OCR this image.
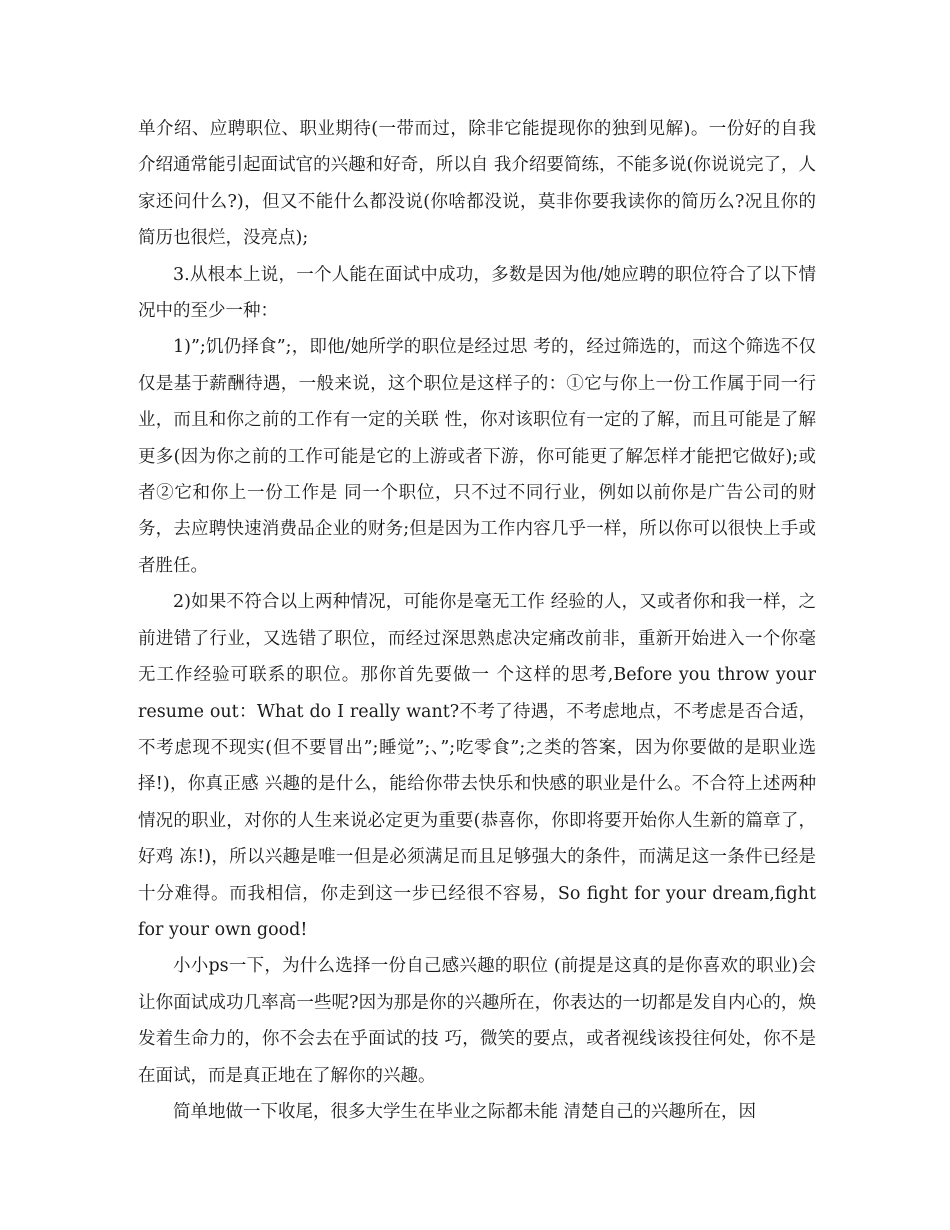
单介绍、应聘职位、职业期待(一带而过，除非它能提现你的独到见解)。一份好的自我介绍通常能引起面试官的兴趣和好奇，所以自 我介绍要简练，不能多说(你说说完了，人家还问什么?)，但又不能什么都没说(你啥都没说，莫非你要我读你的简历么?况且你的简历也很烂，没亮点);

3.从根本上说，一个人能在面试中成功，多数是因为他/她应聘的职位符合了以下情况中的至少一种：

1)”;饥仍择食”;，即他/她所学的职位是经过思 考的，经过筛选的，而这个筛选不仅仅是基于薪酬待遇，一般来说，这个职位是这样子的：①它与你上一份工作属于同一行业，而且和你之前的工作有一定的关联 性，你对该职位有一定的了解，而且可能是了解更多(因为你之前的工作可能是它的上游或者下游，你可能更了解怎样才能把它做好);或者②它和你上一份工作是 同一个职位，只不过不同行业，例如以前你是广告公司的财务，去应聘快速消费品企业的财务;但是因为工作内容几乎一样，所以你可以很快上手或者胜任。

2)如果不符合以上两种情况，可能你是毫无工作 经验的人，又或者你和我一样，之前进错了行业，又选错了职位，而经过深思熟虑决定痛改前非，重新开始进入一个你毫无工作经验可联系的职位。那你首先要做一 个这样的思考,Before you throw your resume out：What do I really want?不考了待遇，不考虑地点，不考虑是否合适，不考虑现不现实(但不要冒出”;睡觉”;、”;吃零食”;之类的答案，因为你要做的是职业选择!)，你真正感 兴趣的是什么，能给你带去快乐和快感的职业是什么。不合符上述两种情况的职业，对你的人生来说必定更为重要(恭喜你，你即将要开始你人生新的篇章了，好鸡 冻!)，所以兴趣是唯一但是必须满足而且足够强大的条件，而满足这一条件已经是十分难得。而我相信，你走到这一步已经很不容易，So fight for your dream,fight for your own good!

小小ps一下，为什么选择一份自己感兴趣的职位 (前提是这真的是你喜欢的职业)会让你面试成功几率高一些呢?因为那是你的兴趣所在，你表达的一切都是发自内心的，焕发着生命力的，你不会去在乎面试的技 巧，微笑的要点，或者视线该投往何处，你不是在面试，而是真正地在了解你的兴趣。

简单地做一下收尾，很多大学生在毕业之际都未能 清楚自己的兴趣所在，因
